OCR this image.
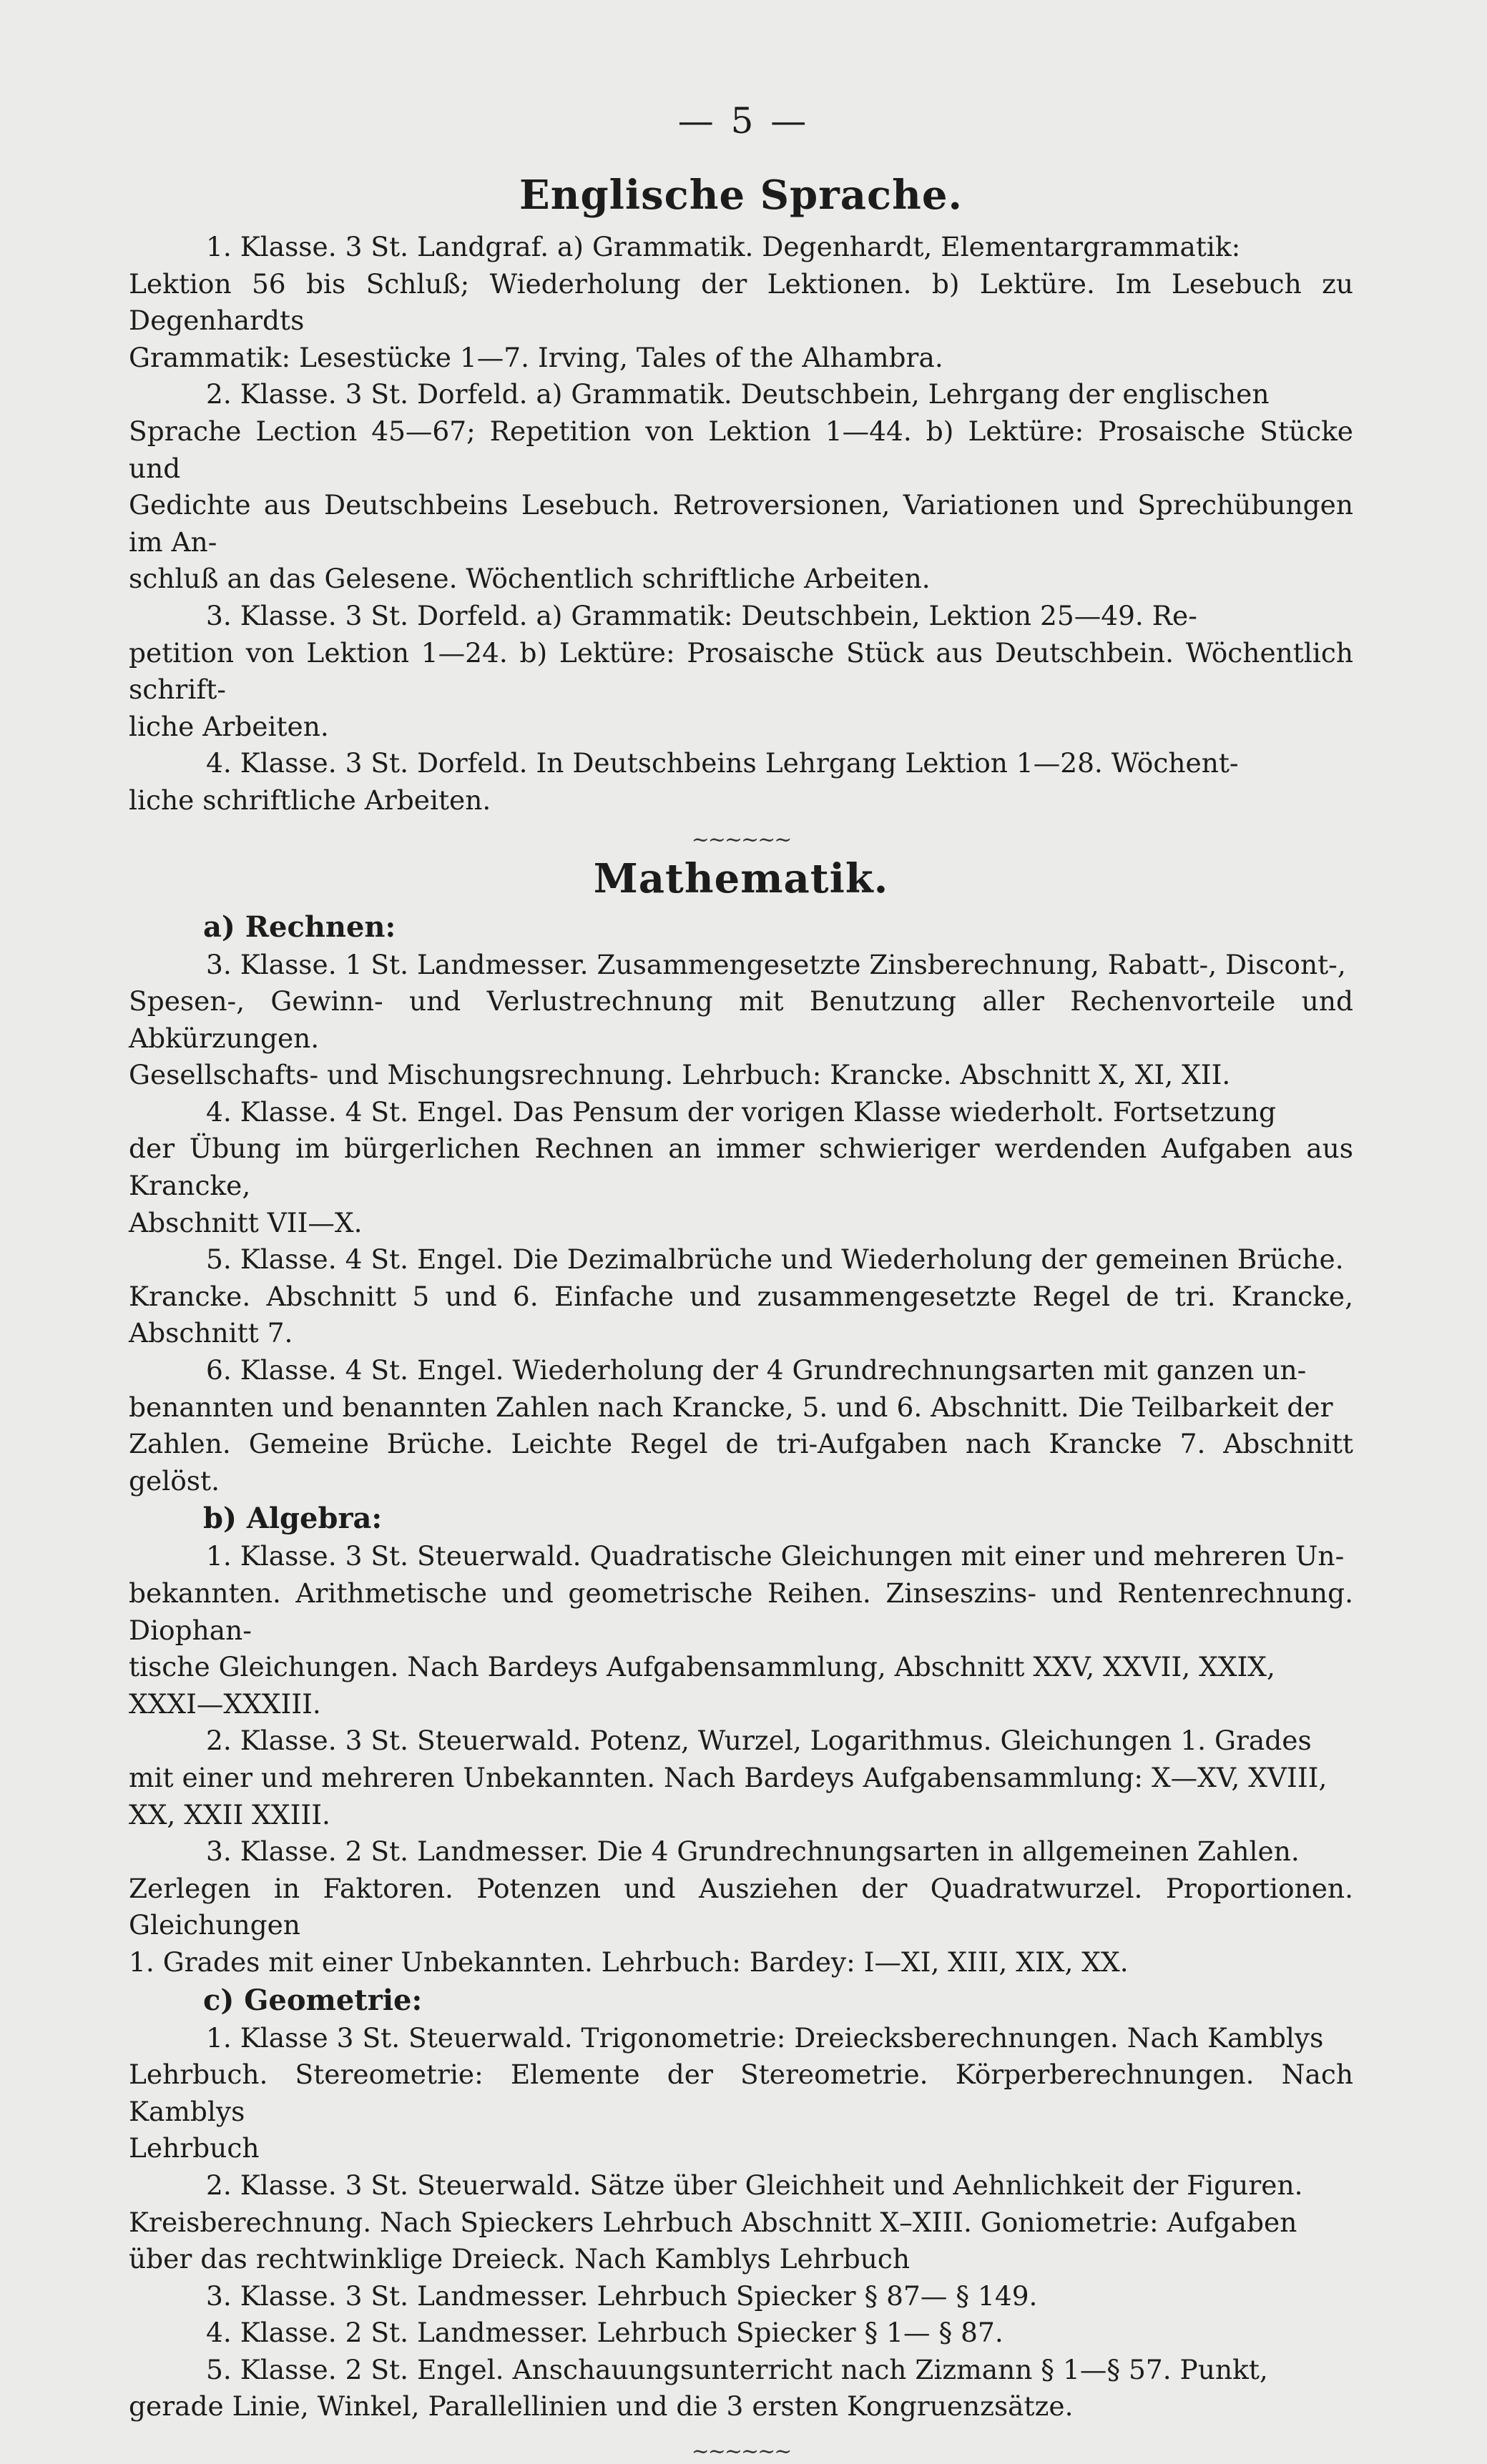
— 5 —
Englische Sprache.

1. Klasse. 3 St. Landgraf. a) Grammatik. Degenhardt, Elementargrammatik:
Lektion 56 bis Schluß; Wiederholung der Lektionen. b) Lektüre. Im Lesebuch zu Degenhardts
Grammatik: Lesestücke 1—7. Irving, Tales of the Alhambra.

2. Klasse. 3 St. Dorfeld. a) Grammatik. Deutschbein, Lehrgang der englischen
Sprache Lection 45—67; Repetition von Lektion 1—44. b) Lektüre: Prosaische Stücke und
Gedichte aus Deutschbeins Lesebuch. Retroversionen, Variationen und Sprechübungen im An-
schluß an das Gelesene. Wöchentlich schriftliche Arbeiten.

3. Klasse. 3 St. Dorfeld. a) Grammatik: Deutschbein, Lektion 25—49. Re-
petition von Lektion 1—24. b) Lektüre: Prosaische Stück aus Deutschbein. Wöchentlich schrift-
liche Arbeiten.

4. Klasse. 3 St. Dorfeld. In Deutschbeins Lehrgang Lektion 1—28. Wöchent-
liche schriftliche Arbeiten.

~~~~~~
Mathematik.
a) Rechnen:

3. Klasse. 1 St. Landmesser. Zusammengesetzte Zinsberechnung, Rabatt-, Discont-,
Spesen-, Gewinn- und Verlustrechnung mit Benutzung aller Rechenvorteile und Abkürzungen.
Gesellschafts- und Mischungsrechnung. Lehrbuch: Krancke. Abschnitt X, XI, XII.

4. Klasse. 4 St. Engel. Das Pensum der vorigen Klasse wiederholt. Fortsetzung
der Übung im bürgerlichen Rechnen an immer schwieriger werdenden Aufgaben aus Krancke,
Abschnitt VII—X.

5. Klasse. 4 St. Engel. Die Dezimalbrüche und Wiederholung der gemeinen Brüche.
Krancke. Abschnitt 5 und 6. Einfache und zusammengesetzte Regel de tri. Krancke, Abschnitt 7.

6. Klasse. 4 St. Engel. Wiederholung der 4 Grundrechnungsarten mit ganzen un-
benannten und benannten Zahlen nach Krancke, 5. und 6. Abschnitt. Die Teilbarkeit der
Zahlen. Gemeine Brüche. Leichte Regel de tri-Aufgaben nach Krancke 7. Abschnitt gelöst.

b) Algebra:

1. Klasse. 3 St. Steuerwald. Quadratische Gleichungen mit einer und mehreren Un-
bekannten. Arithmetische und geometrische Reihen. Zinseszins- und Rentenrechnung. Diophan-
tische Gleichungen. Nach Bardeys Aufgabensammlung, Abschnitt XXV, XXVII, XXIX,
XXXI—XXXIII.

2. Klasse. 3 St. Steuerwald. Potenz, Wurzel, Logarithmus. Gleichungen 1. Grades
mit einer und mehreren Unbekannten. Nach Bardeys Aufgabensammlung: X—XV, XVIII,
XX, XXII XXIII.

3. Klasse. 2 St. Landmesser. Die 4 Grundrechnungsarten in allgemeinen Zahlen.
Zerlegen in Faktoren. Potenzen und Ausziehen der Quadratwurzel. Proportionen. Gleichungen
1. Grades mit einer Unbekannten. Lehrbuch: Bardey: I—XI, XIII, XIX, XX.

c) Geometrie:

1. Klasse 3 St. Steuerwald. Trigonometrie: Dreiecksberechnungen. Nach Kamblys
Lehrbuch. Stereometrie: Elemente der Stereometrie. Körperberechnungen. Nach Kamblys
Lehrbuch

2. Klasse. 3 St. Steuerwald. Sätze über Gleichheit und Aehnlichkeit der Figuren.
Kreisberechnung. Nach Spieckers Lehrbuch Abschnitt X–XIII. Goniometrie: Aufgaben
über das rechtwinklige Dreieck. Nach Kamblys Lehrbuch

3. Klasse. 3 St. Landmesser. Lehrbuch Spiecker § 87— § 149.

4. Klasse. 2 St. Landmesser. Lehrbuch Spiecker § 1— § 87.

5. Klasse. 2 St. Engel. Anschauungsunterricht nach Zizmann § 1—§ 57. Punkt,
gerade Linie, Winkel, Parallellinien und die 3 ersten Kongruenzsätze.

~~~~~~
